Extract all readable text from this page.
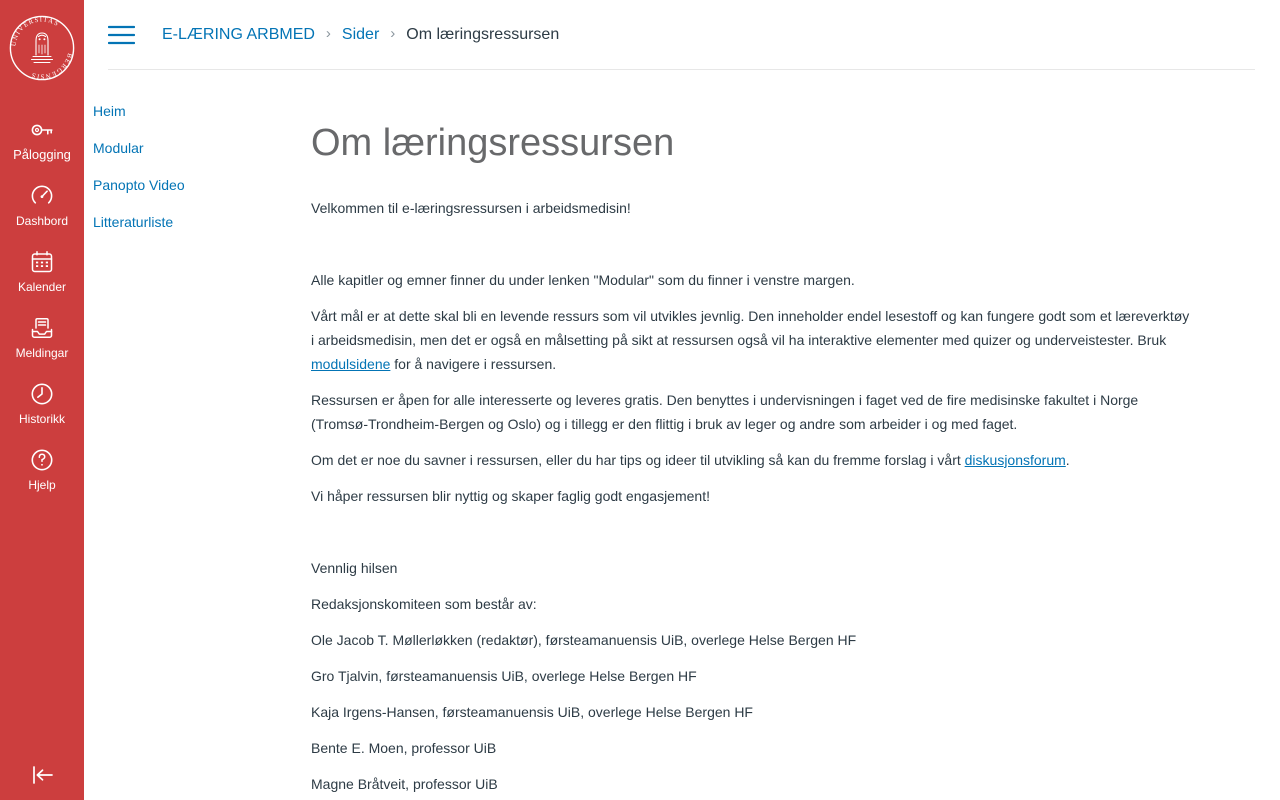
UNIVERSITAS
BERGENSIS
Pålogging
Dashbord
Kalender
Meldingar
Historikk
Hjelp
E-LÆRING ARBMED › Sider › Om læringsressursen
Heim
Modular
Panopto Video
Litteraturliste
Om læringsressursen

Velkommen til e-læringsressursen i arbeidsmedisin!

Alle kapitler og emner finner du under lenken "Modular" som du finner i venstre margen.

Vårt mål er at dette skal bli en levende ressurs som vil utvikles jevnlig. Den inneholder endel lesestoff og kan fungere godt som et læreverktøy i arbeidsmedisin, men det er også en målsetting på sikt at ressursen også vil ha interaktive elementer med quizer og underveistester. Bruk modulsidene for å navigere i ressursen.

Ressursen er åpen for alle interesserte og leveres gratis. Den benyttes i undervisningen i faget ved de fire medisinske fakultet i Norge (Tromsø-Trondheim-Bergen og Oslo) og i tillegg er den flittig i bruk av leger og andre som arbeider i og med faget.

Om det er noe du savner i ressursen, eller du har tips og ideer til utvikling så kan du fremme forslag i vårt diskusjonsforum.

Vi håper ressursen blir nyttig og skaper faglig godt engasjement!

Vennlig hilsen

Redaksjonskomiteen som består av:

Ole Jacob T. Møllerløkken (redaktør), førsteamanuensis UiB, overlege Helse Bergen HF

Gro Tjalvin, førsteamanuensis UiB, overlege Helse Bergen HF

Kaja Irgens-Hansen, førsteamanuensis UiB, overlege Helse Bergen HF

Bente E. Moen, professor UiB

Magne Bråtveit, professor UiB
